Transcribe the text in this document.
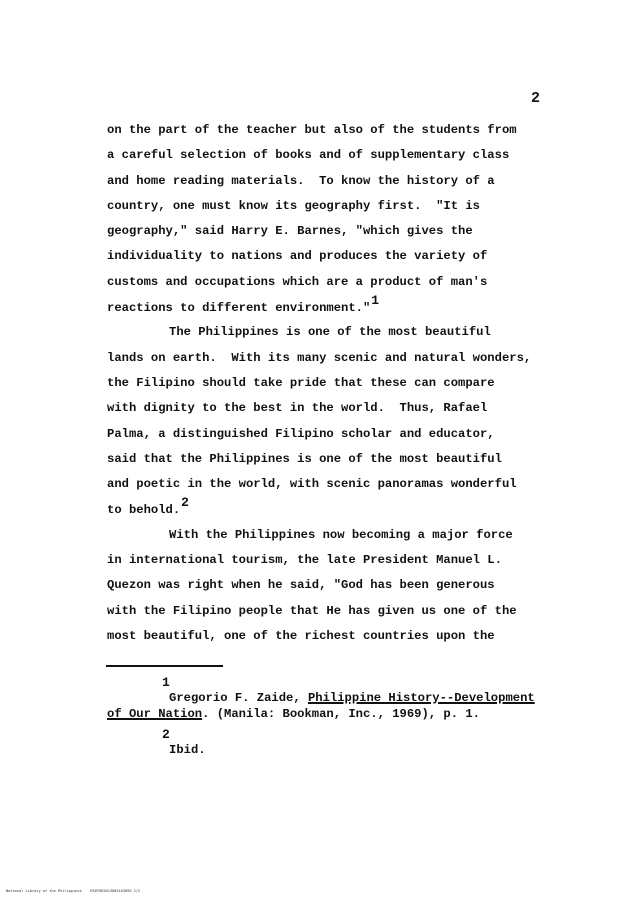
2
on the part of the teacher but also of the students from
a careful selection of books and of supplementary class
and home reading materials.  To know the history of a
country, one must know its geography first.  "It is
geography," said Harry E. Barnes, "which gives the
individuality to nations and produces the variety of
customs and occupations which are a product of man's
reactions to different environment."1
The Philippines is one of the most beautiful
lands on earth.  With its many scenic and natural wonders,
the Filipino should take pride that these can compare
with dignity to the best in the world.  Thus, Rafael
Palma, a distinguished Filipino scholar and educator,
said that the Philippines is one of the most beautiful
and poetic in the world, with scenic panoramas wonderful
to behold.2
With the Philippines now becoming a major force
in international tourism, the late President Manuel L.
Quezon was right when he said, "God has been generous
with the Filipino people that He has given us one of the
most beautiful, one of the richest countries upon the
1
Gregorio F. Zaide, Philippine History--Development
of Our Nation. (Manila: Bookman, Inc., 1969), p. 1.
2
Ibid.
National Library of the Philippines    RSDTRD2013005163090 2/2
